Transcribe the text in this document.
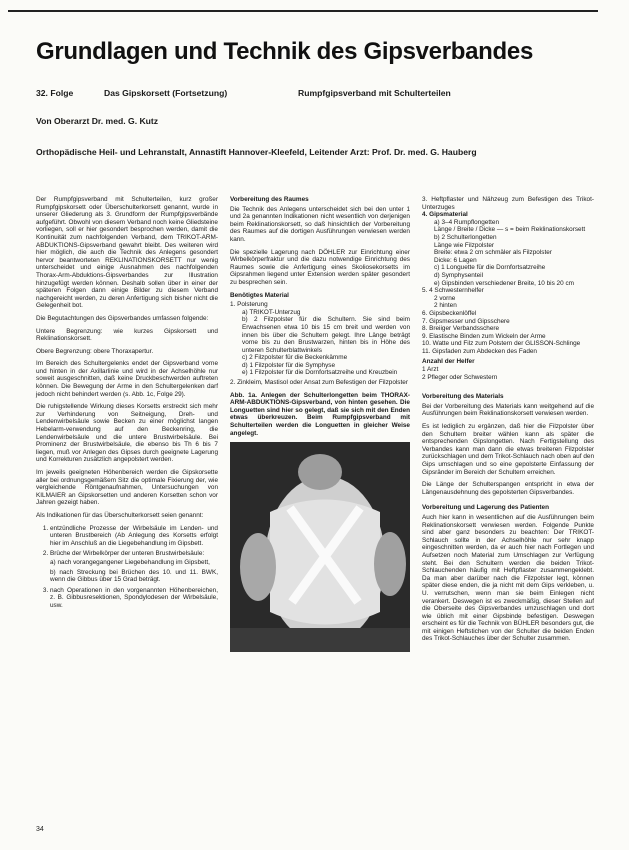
Grundlagen und Technik des Gipsverbandes
32. Folge	Das Gipskorsett (Fortsetzung)	Rumpfgipsverband mit Schulterteilen
Von Oberarzt Dr. med. G. Kutz
Orthopädische Heil- und Lehranstalt, Annastift Hannover-Kleefeld, Leitender Arzt: Prof. Dr. med. G. Hauberg

Der Rumpfgipsverband mit Schulterteilen, kurz großer Rumpfgipskorsett oder Überschulterkorsett genannt, wurde in unserer Gliederung als 3. Grundform der Rumpfgipsverbände aufgeführt. Obwohl von diesem Verband noch keine Gliedsteine vorliegen, soll er hier gesondert besprochen werden, damit die Kontinuität zum nachfolgenden Verband, dem TRIKOT-ARM-ABDUKTIONS-Gipsverband gewahrt bleibt. Des weiteren wird hier möglich, die auch die Technik des Anlegens gesondert hervor beantworteten REKLINATIONSKORSETT nur wenig unterscheidet und einige Ausnahmen des nachfolgenden Thorax-Arm-Abduktions-Gipsverbandes zur Illustration hinzugefügt werden können. Deshalb sollen über in einer der späteren Folgen dann einige Bilder zu diesem Verband nachgereicht werden, zu deren Anfertigung sich bisher nicht die Gelegenheit bot.

Die Begutachtungen des Gipsverbandes umfassen folgende:

Untere Begrenzung: wie kurzes Gipskorsett und Reklinationskorsett.

Obere Begrenzung: obere Thoraxapertur.

Im Bereich des Schultergelenks endet der Gipsverband vorne und hinten in der Axillarlinie und wird in der Achselhöhle nur soweit ausgeschnitten, daß keine Druckbeschwerden auftreten können. Die Bewegung der Arme in den Schultergelenken darf jedoch nicht behindert werden (s. Abb. 1c, Folge 29).

Die ruhigstellende Wirkung dieses Korsetts erstreckt sich mehr zur Verhinderung von Seitneigung, Dreh- und Lendenwirbelsäule sowie Becken zu einer möglichst langen Hebelarm-verwendung auf den Beckenring, die Lendenwirbelsäule und die untere Brustwirbelsäule. Bei Prominenz der Brustwirbelsäule, die ebenso bis Th 6 bis 7 liegen, muß vor Anlegen des Gipses durch geeignete Lagerung und Korrekturen zusätzlich angepolstert werden.

Im jeweils geeigneten Höhenbereich werden die Gipskorsette aller bei ordnungsgemäßem Sitz die optimale Fixierung der, wie vergleichende Röntgenaufnahmen, Untersuchungen von KILMAIER an Gipskorsetten und anderen Korsetten schon vor Jahren gezeigt haben.

Als Indikationen für das Überschulterkorsett seien genannt:

1. entzündliche Prozesse der Wirbelsäule im Lenden- und unteren Brustbereich (Ab Anlegung des Korsetts erfolgt hier im Anschluß an die Liegebehandlung im Gipsbett.
2. Brüche der Wirbelkörper der unteren Brustwirbelsäule:
a) nach vorangegangener Liegebehandlung im Gipsbett,
b) nach Streckung bei Brüchen des 10. und 11. BWK, wenn die Gibbus über 15 Grad beträgt.
3. nach Operationen in den vorgenannten Höhenbereichen, z. B. Gibbusresektionen, Spondylodesen der Wirbelsäule, usw.

Vorbereitung des Raumes

Die Technik des Anlegens unterscheidet sich bei den unter 1 und 2a genannten Indikationen nicht wesentlich von derjenigen beim Reklinationskorsett, so daß hinsichtlich der Vorbereitung des Raumes auf die dortigen Ausführungen verwiesen werden kann.

Die spezielle Lagerung nach DÖHLER zur Einrichtung einer Wirbelkörperfraktur und die dazu notwendige Einrichtung des Raumes sowie die Anfertigung eines Skoliosekorsetts im Gipsrahmen liegend unter Extension werden später gesondert zu besprechen sein.

Benötigtes Material

1. Polsterung
a) TRIKOT-Unterzug
b) 2 Filzpolster für die Schultern. Sie sind beim Erwachsenen etwa 10 bis 15 cm breit und werden von innen bis über die Schultern gelegt. Ihre Länge beträgt vorne bis zu den Brustwarzen, hinten bis in Höhe des unteren Schulterblattwinkels
c) 2 Filzpolster für die Beckenkämme
d) 1 Filzpolster für die Symphyse
e) 1 Filzpolster für die Dornfortsatzreihe und Kreuzbein

2. Zinkleim, Mastisol oder Ansat zum Befestigen der Filzpolster

Abb. 1a. Anlegen der Schulterlongetten beim THORAX-ARM-ABDUKTIONS-Gipsverband, von hinten gesehen. Die Longuetten sind hier so gelegt, daß sie sich mit den Enden etwas überkreuzen. Beim Rumpfgipsverband mit Schulterteilen werden die Longuetten in gleicher Weise angelegt.

3. Heftpflaster und Nähzeug zum Befestigen des Trikot-Unterzuges
4. Gipsmaterial
a) 3–4 Rumpflongetten
Länge / Breite / Dicke — s = beim Reklinationskorsett
b) 2 Schulterlongetten
Länge wie Filzpolster
Breite: etwa 2 cm schmäler als Filzpolster
Dicke: 6 Lagen
c) 1 Longuette für die Dornfortsatzreihe
d) Symphysenteil
e) Gipsbinden verschiedener Breite, 10 bis 20 cm
5. 4 Schwesternhelfer
2 vorne
2 hinten
6. Gipsbeckenlöffel
7. Gipsmesser und Gipsschere
8. Breiiger Verbandsschere
9. Elastische Binden zum Wickeln der Arme
10. Watte und Filz zum Polstern der GLISSON-Schlinge
11. Gipsfaden zum Abdecken des Faden
Anzahl der Helfer
1 Arzt
2 Pfleger oder Schwestern

Vorbereitung des Materials

Bei der Vorbereitung des Materials kann weitgehend auf die Ausführungen beim Reklinationskorsett verwiesen werden.

Es ist lediglich zu ergänzen, daß hier die Filzpolster über den Schultern breiter wählen kann als später die entsprechenden Gipslongetten. Nach Fertigstellung des Verbandes kann man dann die etwas breiteren Filzpolster zurückschlagen und dem Trikot-Schlauch nach oben auf den Gips umschlagen und so eine gepolsterte Einfassung der Gipsränder im Bereich der Schultern erreichen.

Die Länge der Schulterspangen entspricht in etwa der Längenausdehnung des gepolsterten Gipsverbandes.

Vorbereitung und Lagerung des Patienten

Auch hier kann in wesentlichen auf die Ausführungen beim Reklinationskorsett verwiesen werden. Folgende Punkte sind aber ganz besonders zu beachten: Der TRIKOT-Schlauch sollte in der Achselhöhle nur sehr knapp eingeschnitten werden, da er auch hier nach Fortlegen und Aufsetzen noch Material zum Umschlagen zur Verfügung steht. Bei den Schultern werden die beiden Trikot-Schlauchenden häufig mit Heftpflaster zusammengeklebt. Da man aber darüber nach die Filzpolster legt, können später diese enden, die ja nicht mit dem Gips verkleben, u. U. verrutschen, wenn man sie beim Einlegen nicht verankert. Deswegen ist es zweckmäßig, dieser Stellen auf die Oberseite des Gipsverbandes umzuschlagen und dort wie üblich mit einer Gipsbinde befestigen. Deswegen erscheint es für die Technik von BÜHLER besonders gut, die mit einigen Heftstichen von der Schulter die beiden Enden des Trikot-Schlauches über der Schulter zusammen.

34
